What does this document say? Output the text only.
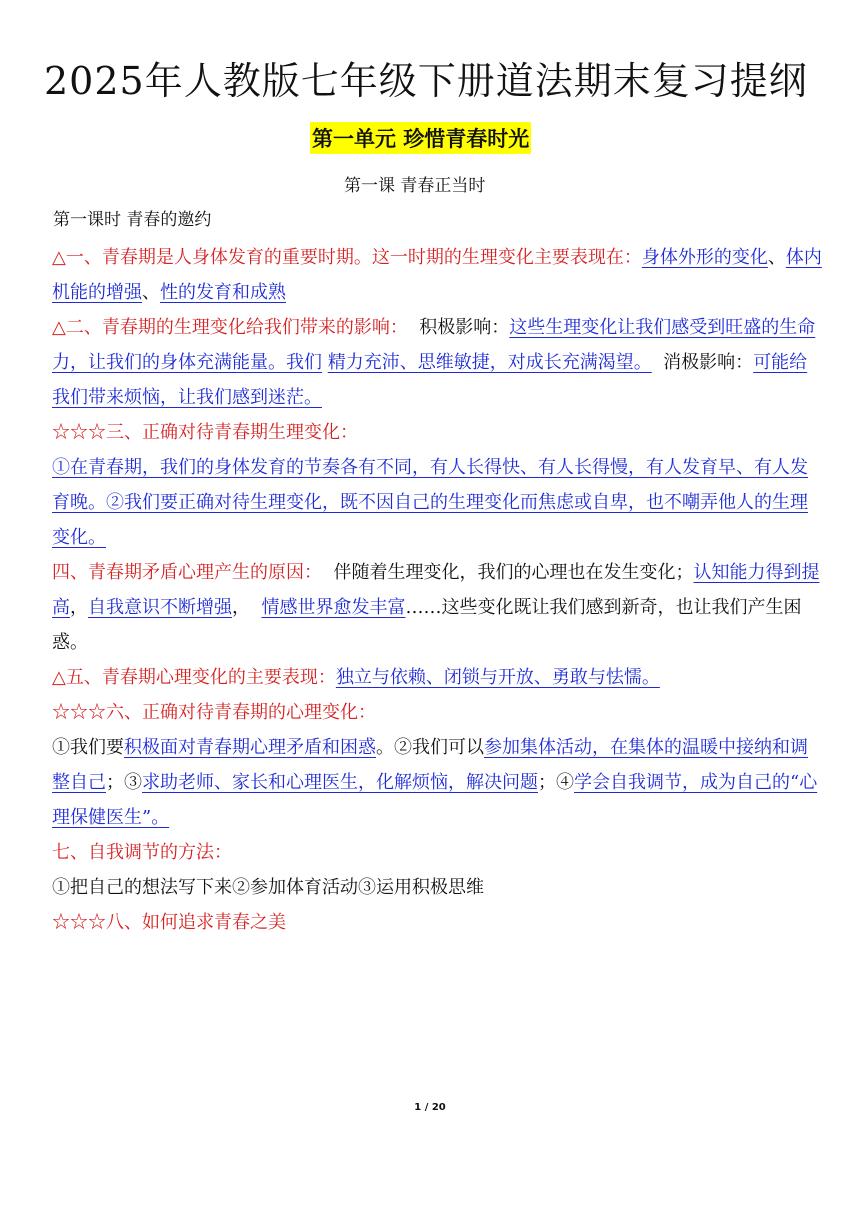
2025年人教版七年级下册道法期末复习提纲
第一单元 珍惜青春时光
第一课 青春正当时
第一课时 青春的邀约

△一、青春期是人身体发育的重要时期。这一时期的生理变化主要表现在：身体外形的变化、体内机能的增强、性的发育和成熟

△二、青春期的生理变化给我们带来的影响：  积极影响：这些生理变化让我们感受到旺盛的生命力，让我们的身体充满能量。我们 精力充沛、思维敏捷，对成长充满渴望。  消极影响：可能给我们带来烦恼，让我们感到迷茫。

☆☆☆三、正确对待青春期生理变化：
①在青春期，我们的身体发育的节奏各有不同，有人长得快、有人长得慢，有人发育早、有人发育晚。②我们要正确对待生理变化，既不因自己的生理变化而焦虑或自卑，也不嘲弄他人的生理变化。

四、青春期矛盾心理产生的原因：  伴随着生理变化，我们的心理也在发生变化；认知能力得到提高，自我意识不断增强，  情感世界愈发丰富……这些变化既让我们感到新奇，也让我们产生困惑。

△五、青春期心理变化的主要表现：独立与依赖、闭锁与开放、勇敢与怯懦。

☆☆☆六、正确对待青春期的心理变化：
①我们要积极面对青春期心理矛盾和困惑。②我们可以参加集体活动，在集体的温暖中接纳和调整自己；③求助老师、家长和心理医生，化解烦恼，解决问题；④学会自我调节，成为自己的“心理保健医生”。

七、自我调节的方法：
①把自己的想法写下来②参加体育活动③运用积极思维

☆☆☆八、如何追求青春之美

1 / 20
